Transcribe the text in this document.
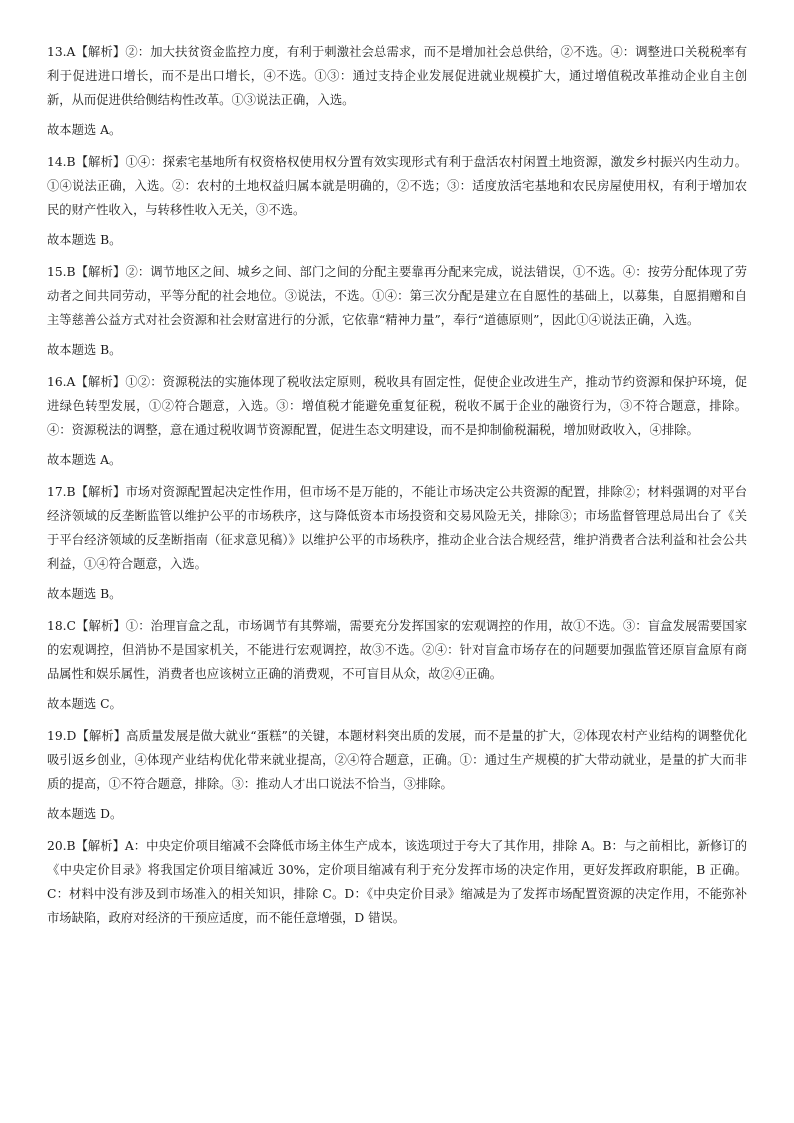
13.A【解析】②：加大扶贫资金监控力度，有利于刺激社会总需求，而不是增加社会总供给，②不选。④：调整进口关税税率有利于促进进口增长，而不是出口增长，④不选。①③：通过支持企业发展促进就业规模扩大，通过增值税改革推动企业自主创新，从而促进供给侧结构性改革。①③说法正确，入选。

故本题选 A。

14.B【解析】①④：探索宅基地所有权资格权使用权分置有效实现形式有利于盘活农村闲置土地资源，激发乡村振兴内生动力。①④说法正确，入选。②：农村的土地权益归属本就是明确的，②不选；③：适度放活宅基地和农民房屋使用权，有利于增加农民的财产性收入，与转移性收入无关，③不选。

故本题选 B。

15.B【解析】②：调节地区之间、城乡之间、部门之间的分配主要靠再分配来完成，说法错误，①不选。④：按劳分配体现了劳动者之间共同劳动，平等分配的社会地位。③说法，不选。①④：第三次分配是建立在自愿性的基础上，以募集，自愿捐赠和自主等慈善公益方式对社会资源和社会财富进行的分派，它依靠“精神力量”，奉行“道德原则”，因此①④说法正确，入选。

故本题选 B。

16.A【解析】①②：资源税法的实施体现了税收法定原则，税收具有固定性，促使企业改进生产，推动节约资源和保护环境，促进绿色转型发展，①②符合题意，入选。③：增值税才能避免重复征税，税收不属于企业的融资行为，③不符合题意，排除。④：资源税法的调整，意在通过税收调节资源配置，促进生态文明建设，而不是抑制偷税漏税，增加财政收入，④排除。

故本题选 A。

17.B【解析】市场对资源配置起决定性作用，但市场不是万能的，不能让市场决定公共资源的配置，排除②；材料强调的对平台经济领域的反垄断监管以维护公平的市场秩序，这与降低资本市场投资和交易风险无关，排除③；市场监督管理总局出台了《关于平台经济领域的反垄断指南（征求意见稿）》以维护公平的市场秩序，推动企业合法合规经营，维护消费者合法利益和社会公共利益，①④符合题意，入选。

故本题选 B。

18.C【解析】①：治理盲盒之乱，市场调节有其弊端，需要充分发挥国家的宏观调控的作用，故①不选。③：盲盒发展需要国家的宏观调控，但消协不是国家机关，不能进行宏观调控，故③不选。②④：针对盲盒市场存在的问题要加强监管还原盲盒原有商品属性和娱乐属性，消费者也应该树立正确的消费观，不可盲目从众，故②④正确。

故本题选 C。

19.D【解析】高质量发展是做大就业“蛋糕”的关键，本题材料突出质的发展，而不是量的扩大，②体现农村产业结构的调整优化吸引返乡创业，④体现产业结构优化带来就业提高，②④符合题意，正确。①：通过生产规模的扩大带动就业，是量的扩大而非质的提高，①不符合题意，排除。③：推动人才出口说法不恰当，③排除。

故本题选 D。

20.B【解析】A：中央定价项目缩减不会降低市场主体生产成本，该选项过于夸大了其作用，排除 A。B：与之前相比，新修订的《中央定价目录》将我国定价项目缩减近 30%，定价项目缩减有利于充分发挥市场的决定作用，更好发挥政府职能，B 正确。C：材料中没有涉及到市场准入的相关知识，排除 C。D：《中央定价目录》缩减是为了发挥市场配置资源的决定作用，不能弥补市场缺陷，政府对经济的干预应适度，而不能任意增强，D 错误。
